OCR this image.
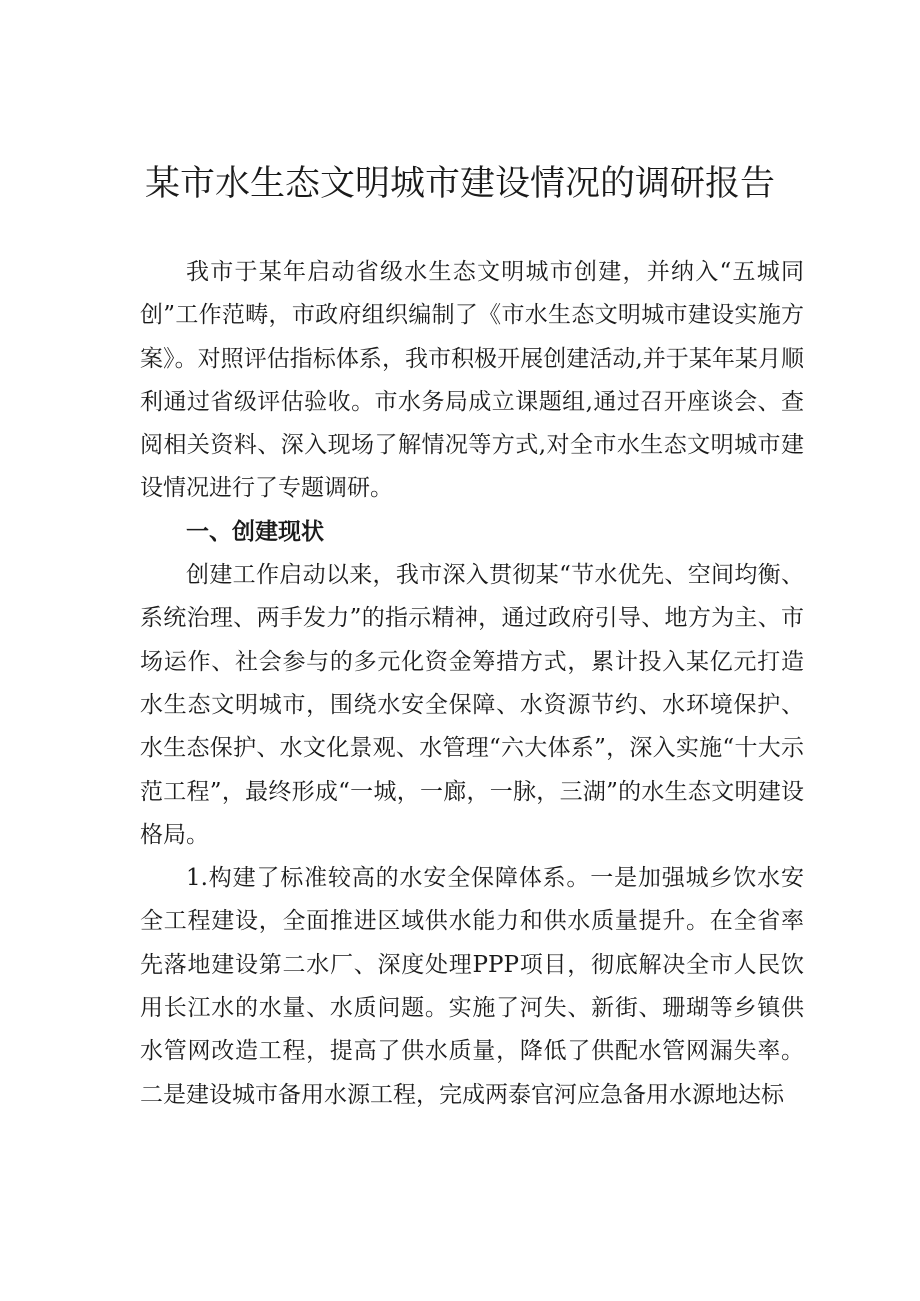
某市水生态文明城市建设情况的调研报告

我市于某年启动省级水生态文明城市创建，并纳入“五城同创”工作范畴，市政府组织编制了《市水生态文明城市建设实施方案》。对照评估指标体系，我市积极开展创建活动,并于某年某月顺利通过省级评估验收。市水务局成立课题组,通过召开座谈会、查阅相关资料、深入现场了解情况等方式,对全市水生态文明城市建设情况进行了专题调研。

一、创建现状

创建工作启动以来，我市深入贯彻某“节水优先、空间均衡、系统治理、两手发力”的指示精神，通过政府引导、地方为主、市场运作、社会参与的多元化资金筹措方式，累计投入某亿元打造水生态文明城市，围绕水安全保障、水资源节约、水环境保护、水生态保护、水文化景观、水管理“六大体系”，深入实施“十大示范工程”，最终形成“一城，一廊，一脉，三湖”的水生态文明建设格局。

1.构建了标准较高的水安全保障体系。一是加强城乡饮水安全工程建设，全面推进区域供水能力和供水质量提升。在全省率先落地建设第二水厂、深度处理PPP项目，彻底解决全市人民饮用长江水的水量、水质问题。实施了河失、新街、珊瑚等乡镇供水管网改造工程，提高了供水质量，降低了供配水管网漏失率。二是建设城市备用水源工程，完成两泰官河应急备用水源地达标
